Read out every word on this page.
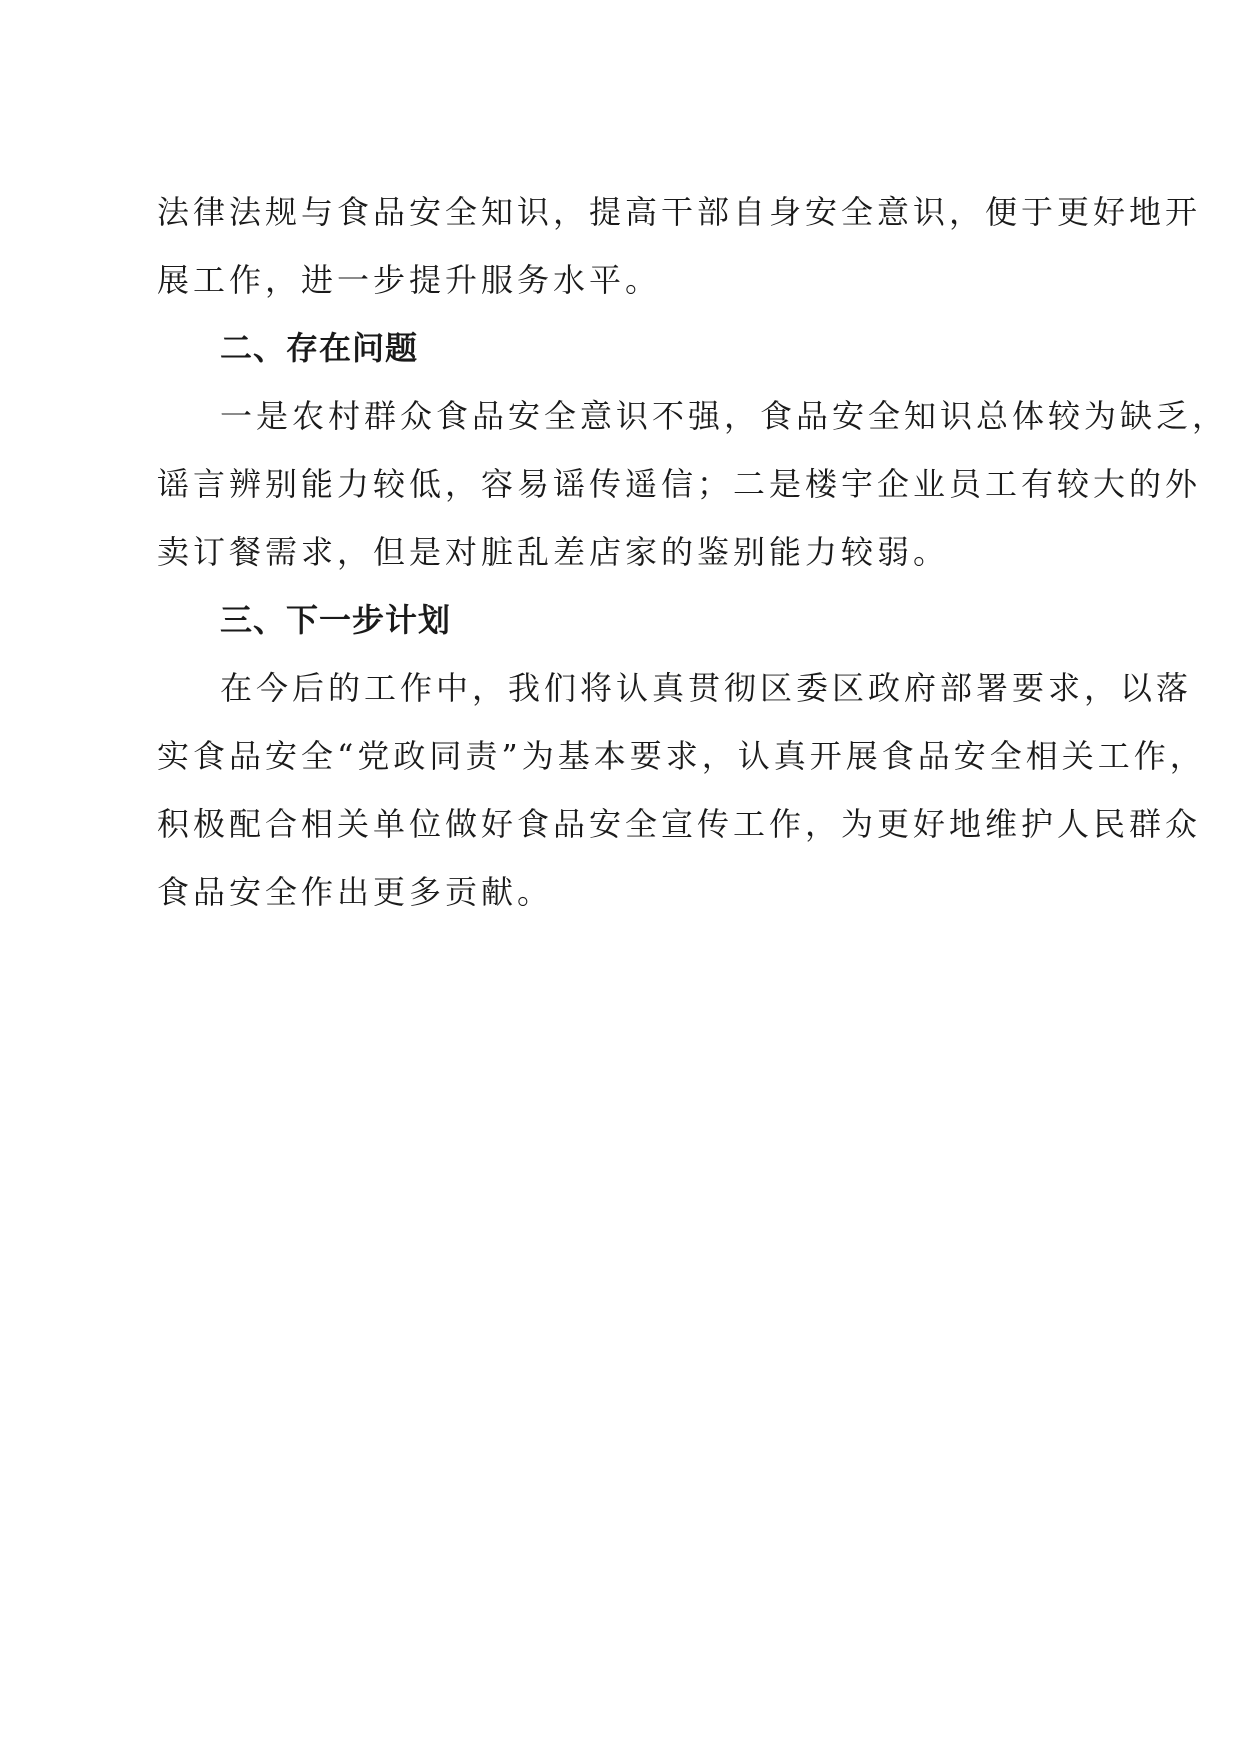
法律法规与食品安全知识，提高干部自身安全意识，便于更好地开
展工作，进一步提升服务水平。
二、存在问题
一是农村群众食品安全意识不强，食品安全知识总体较为缺乏，
谣言辨别能力较低，容易谣传遥信；二是楼宇企业员工有较大的外
卖订餐需求，但是对脏乱差店家的鉴别能力较弱。
三、下一步计划
在今后的工作中，我们将认真贯彻区委区政府部署要求，以落
实食品安全“党政同责”为基本要求，认真开展食品安全相关工作，
积极配合相关单位做好食品安全宣传工作，为更好地维护人民群众
食品安全作出更多贡献。
